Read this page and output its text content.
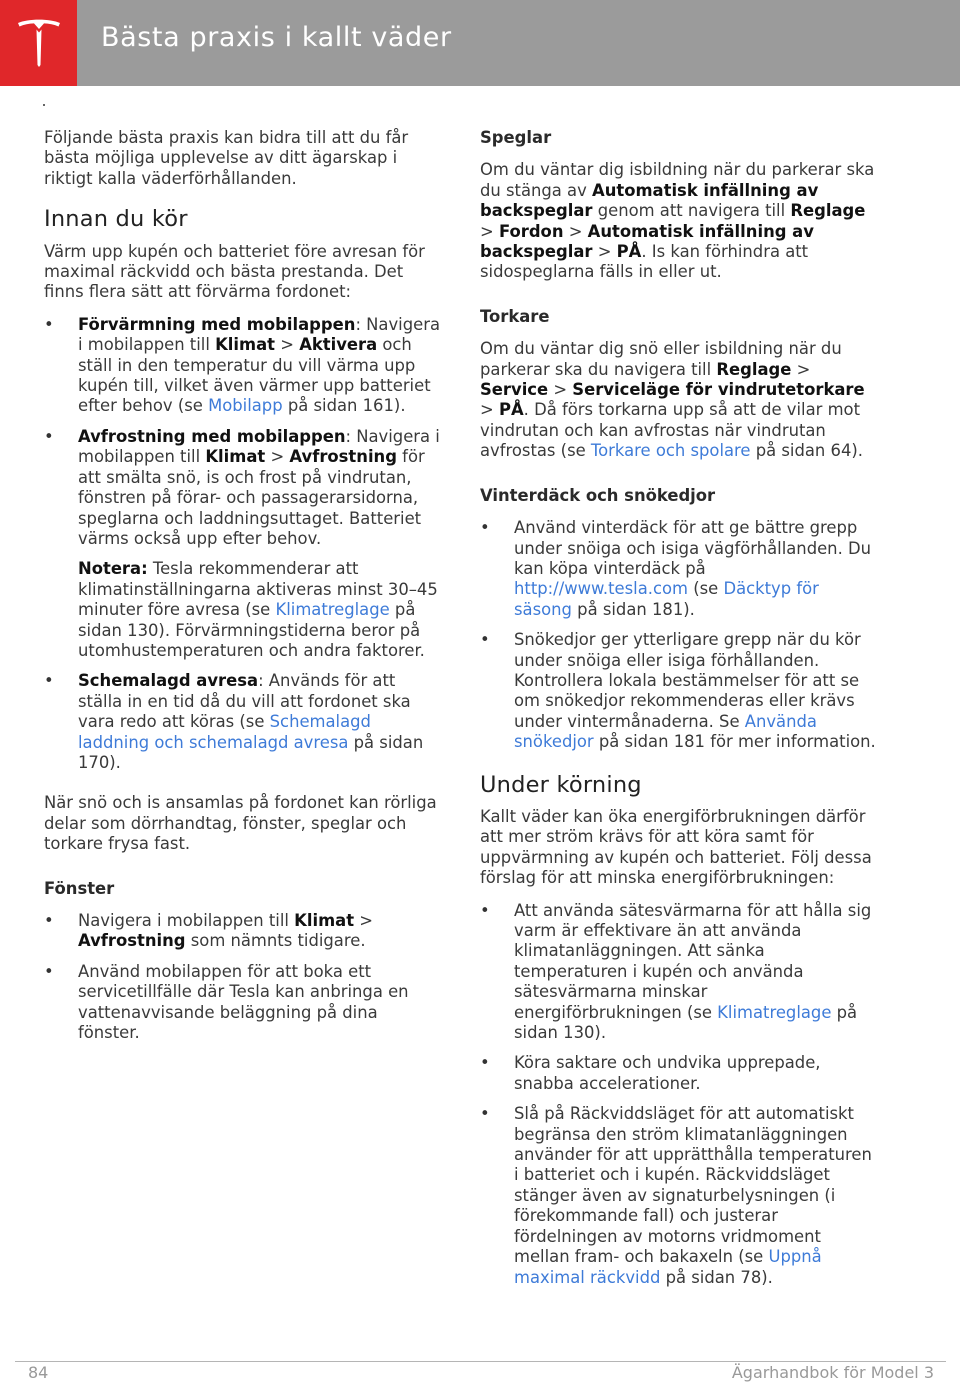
Bästa praxis i kallt väder

Följande bästa praxis kan bidra till att du får bästa möjliga upplevelse av ditt ägarskap i riktigt kalla väderförhållanden.

Innan du kör

Värm upp kupén och batteriet före avresan för maximal räckvidd och bästa prestanda. Det finns flera sätt att förvärma fordonet:

• Förvärmning med mobilappen: Navigera i mobilappen till Klimat > Aktivera och ställ in den temperatur du vill värma upp kupén till, vilket även värmer upp batteriet efter behov (se Mobilapp på sidan 161).
• Avfrostning med mobilappen: Navigera i mobilappen till Klimat > Avfrostning för att smälta snö, is och frost på vindrutan, fönstren på förar- och passagerarsidorna, speglarna och laddningsuttaget. Batteriet värms också upp efter behov.
Notera: Tesla rekommenderar att klimatinställningarna aktiveras minst 30–45 minuter före avresa (se Klimatreglage på sidan 130). Förvärmningstiderna beror på utomhustemperaturen och andra faktorer.
• Schemalagd avresa: Används för att ställa in en tid då du vill att fordonet ska vara redo att köras (se Schemalagd laddning och schemalagd avresa på sidan 170).

När snö och is ansamlas på fordonet kan rörliga delar som dörrhandtag, fönster, speglar och torkare frysa fast.

Fönster
• Navigera i mobilappen till Klimat > Avfrostning som nämnts tidigare.
• Använd mobilappen för att boka ett servicetillfälle där Tesla kan anbringa en vattenavvisande beläggning på dina fönster.
Speglar

Om du väntar dig isbildning när du parkerar ska du stänga av Automatisk infällning av backspeglar genom att navigera till Reglage > Fordon > Automatisk infällning av backspeglar > PÅ. Is kan förhindra att sidospeglarna fälls in eller ut.

Torkare

Om du väntar dig snö eller isbildning när du parkerar ska du navigera till Reglage > Service > Serviceläge för vindrutetorkare > PÅ. Då förs torkarna upp så att de vilar mot vindrutan och kan avfrostas när vindrutan avfrostas (se Torkare och spolare på sidan 64).

Vinterdäck och snökedjor
• Använd vinterdäck för att ge bättre grepp under snöiga och isiga vägförhållanden. Du kan köpa vinterdäck på http://www.tesla.com (se Däcktyp för säsong på sidan 181).
• Snökedjor ger ytterligare grepp när du kör under snöiga eller isiga förhållanden. Kontrollera lokala bestämmelser för att se om snökedjor rekommenderas eller krävs under vintermånaderna. Se Använda snökedjor på sidan 181 för mer information.
Under körning

Kallt väder kan öka energiförbrukningen därför att mer ström krävs för att köra samt för uppvärmning av kupén och batteriet. Följ dessa förslag för att minska energiförbrukningen:

• Att använda sätesvärmarna för att hålla sig varm är effektivare än att använda klimatanläggningen. Att sänka temperaturen i kupén och använda sätesvärmarna minskar energiförbrukningen (se Klimatreglage på sidan 130).
• Köra saktare och undvika upprepade, snabba accelerationer.
• Slå på Räckviddsläget för att automatiskt begränsa den ström klimatanläggningen använder för att upprätthålla temperaturen i batteriet och i kupén. Räckviddsläget stänger även av signaturbelysningen (i förekommande fall) och justerar fördelningen av motorns vridmoment mellan fram- och bakaxeln (se Uppnå maximal räckvidd på sidan 78).
84	Ägarhandbok för Model 3
